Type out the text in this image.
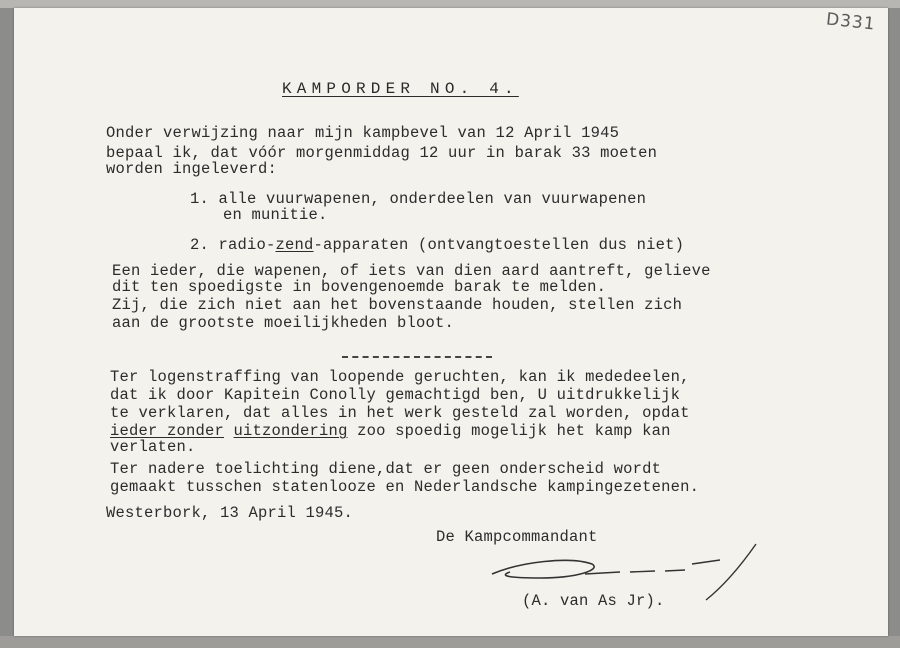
D331
KAMPORDER NO. 4.
Onder verwijzing naar mijn kampbevel van 12 April 1945
bepaal ik, dat vóór morgenmiddag 12 uur in barak 33 moeten
worden ingeleverd:
1. alle vuurwapenen, onderdeelen van vuurwapenen
en munitie.
2. radio-zend-apparaten (ontvangtoestellen dus niet)
Een ieder, die wapenen, of iets van dien aard aantreft, gelieve
dit ten spoedigste in bovengenoemde barak te melden.
Zij, die zich niet aan het bovenstaande houden, stellen zich
aan de grootste moeilijkheden bloot.
Ter logenstraffing van loopende geruchten, kan ik mededeelen,
dat ik door Kapitein Conolly gemachtigd ben, U uitdrukkelijk
te verklaren, dat alles in het werk gesteld zal worden, opdat
ieder zonder uitzondering zoo spoedig mogelijk het kamp kan
verlaten.
Ter nadere toelichting diene,dat er geen onderscheid wordt
gemaakt tusschen statenlooze en Nederlandsche kampingezetenen.
Westerbork, 13 April 1945.
De Kampcommandant
(A. van As Jr).
